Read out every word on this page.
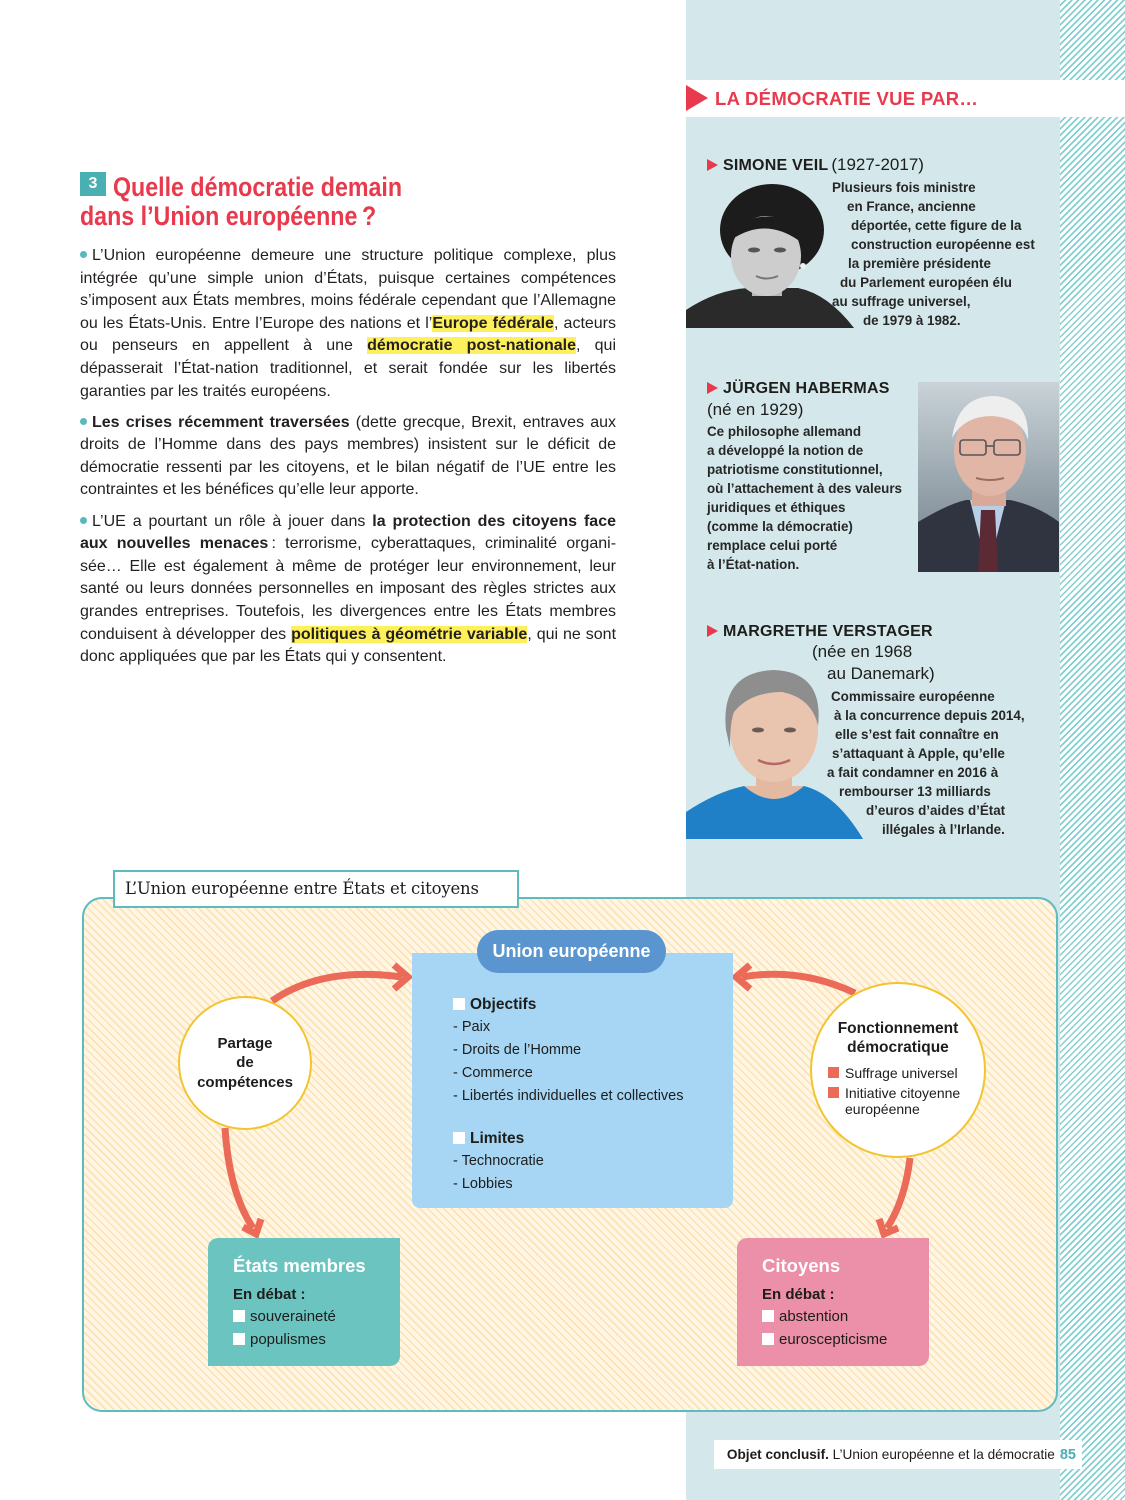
LA DÉMOCRATIE VUE PAR…
SIMONE VEIL (1927-2017)
Plusieurs fois ministre
en France, ancienne
déportée, cette figure de la
construction européenne est
la première présidente
du Parlement européen élu
au suffrage universel,
de 1979 à 1982.
JÜRGEN HABERMAS
(né en 1929)
Ce philosophe allemand
a développé la notion de
patriotisme constitutionnel,
où l’attachement à des valeurs
juridiques et éthiques
(comme la démocratie)
remplace celui porté
à l’État-nation.
MARGRETHE VERSTAGER
(née en 1968
au Danemark)
Commissaire européenne
à la concurrence depuis 2014,
elle s’est fait connaître en
s’attaquant à Apple, qu’elle
a fait condamner en 2016 à
rembourser 13 milliards
d’euros d’aides d’État
illégales à l’Irlande.
3 Quelle démocratie demain
dans l’Union européenne ?

L’Union européenne demeure une structure politique complexe, plus intégrée qu’une simple union d’États, puisque certaines compétences s’imposent aux États membres, moins fédérale cependant que l’Allemagne ou les États-Unis. Entre l’Europe des nations et l’Europe fédérale, acteurs ou penseurs en appellent à une démocratie post-nationale, qui dépasserait l’État-nation traditionnel, et serait fondée sur les libertés garanties par les traités européens.

Les crises récemment traversées (dette grecque, Brexit, entraves aux droits de l’Homme dans des pays membres) insistent sur le déficit de démocratie ressenti par les citoyens, et le bilan négatif de l’UE entre les contraintes et les bénéfices qu’elle leur apporte.

L’UE a pourtant un rôle à jouer dans la protection des citoyens face aux nouvelles menaces : terrorisme, cyberattaques, criminalité organisée… Elle est également à même de protéger leur environnement, leur santé ou leurs données personnelles en imposant des règles strictes aux grandes entreprises. Toutefois, les divergences entre les États membres conduisent à développer des politiques à géométrie variable, qui ne sont donc appliquées que par les États qui y consentent.

L’Union européenne entre États et citoyens
Objectifs
- Paix
- Droits de l’Homme
- Commerce
- Libertés individuelles et collectives
Limites
- Technocratie
- Lobbies
Union européenne
Partage
de
compétences
Fonctionnement
démocratique
Suffrage universel
Initiative citoyenne européenne
États membres
En débat :
souveraineté
populismes
Citoyens
En débat :
abstention
euroscepticisme
Objet conclusif. L’Union européenne et la démocratie 85
